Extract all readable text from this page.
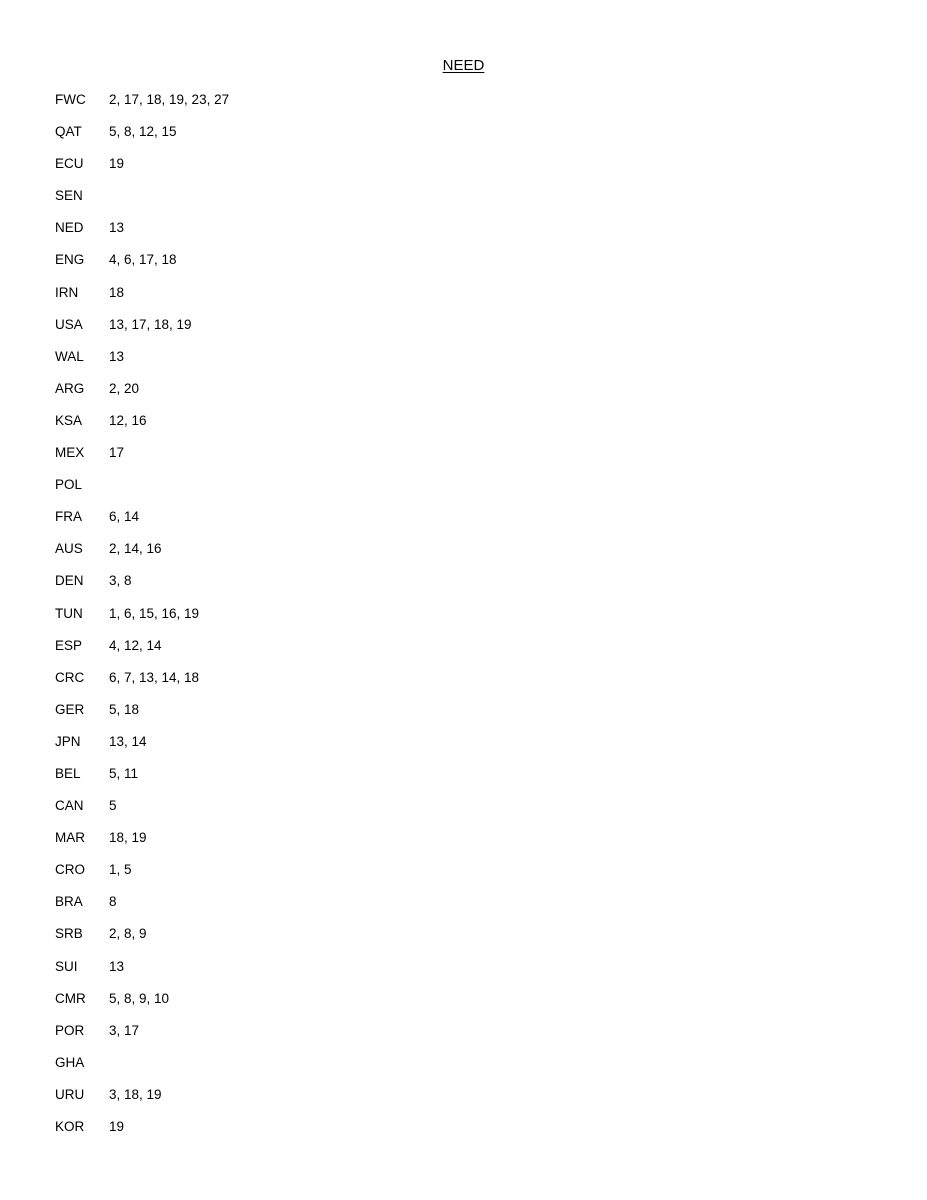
NEED
FWC	2, 17, 18, 19, 23, 27
QAT	5, 8, 12, 15
ECU	19
SEN
NED	13
ENG	4, 6, 17, 18
IRN	18
USA	13, 17, 18, 19
WAL	13
ARG	2, 20
KSA	12, 16
MEX	17
POL
FRA	6, 14
AUS	2, 14, 16
DEN	3, 8
TUN	1, 6, 15, 16, 19
ESP	4, 12, 14
CRC	6, 7, 13, 14, 18
GER	5, 18
JPN	13, 14
BEL	5, 11
CAN	5
MAR	18, 19
CRO	1, 5
BRA	8
SRB	2, 8, 9
SUI	13
CMR	5, 8, 9, 10
POR	3, 17
GHA
URU	3, 18, 19
KOR	19
